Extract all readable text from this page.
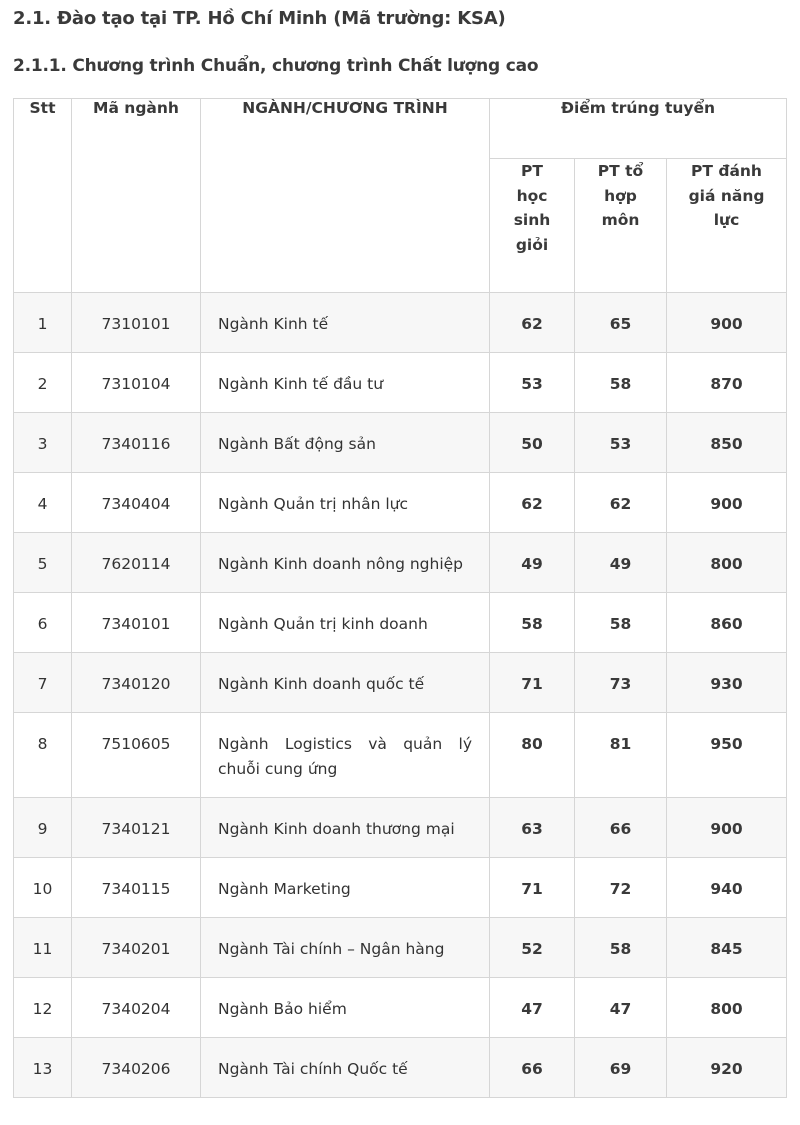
2.1. Đào tạo tại TP. Hồ Chí Minh (Mã trường: KSA)
2.1.1. Chương trình Chuẩn, chương trình Chất lượng cao
Stt	Mã ngành	NGÀNH/CHƯƠNG TRÌNH	Điểm trúng tuyển		
			PT học sinh giỏi	PT tổ hợp môn	PT đánh giá năng lực
1	7310101	Ngành Kinh tế	62	65	900
2	7310104	Ngành Kinh tế đầu tư	53	58	870
3	7340116	Ngành Bất động sản	50	53	850
4	7340404	Ngành Quản trị nhân lực	62	62	900
5	7620114	Ngành Kinh doanh nông nghiệp	49	49	800
6	7340101	Ngành Quản trị kinh doanh	58	58	860
7	7340120	Ngành Kinh doanh quốc tế	71	73	930
8	7510605	Ngành Logistics và quản lý chuỗi cung ứng	80	81	950
9	7340121	Ngành Kinh doanh thương mại	63	66	900
10	7340115	Ngành Marketing	71	72	940
11	7340201	Ngành Tài chính – Ngân hàng	52	58	845
12	7340204	Ngành Bảo hiểm	47	47	800
13	7340206	Ngành Tài chính Quốc tế	66	69	920
